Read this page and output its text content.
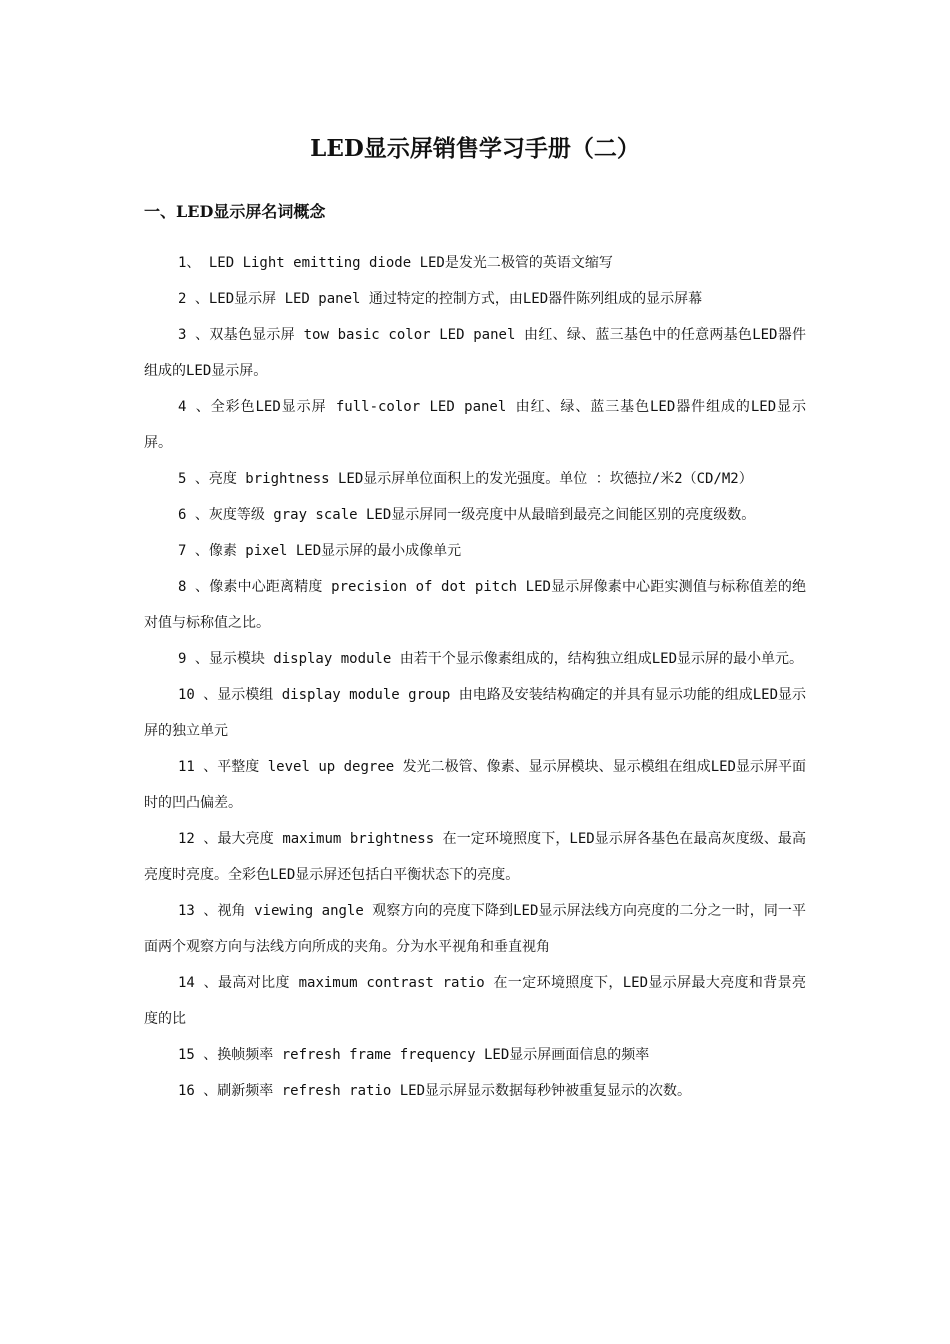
LED显示屏销售学习手册（二）
一、LED显示屏名词概念
1、 LED Light emitting diode LED是发光二极管的英语文缩写
2 、LED显示屏 LED panel 通过特定的控制方式，由LED器件陈列组成的显示屏幕
3 、双基色显示屏 tow basic color LED panel 由红、绿、蓝三基色中的任意两基色LED器件组成的LED显示屏。
4 、全彩色LED显示屏 full-color LED panel 由红、绿、蓝三基色LED器件组成的LED显示屏。
5 、亮度 brightness LED显示屏单位面积上的发光强度。单位 ：坎德拉/米2（CD/M2）
6 、灰度等级 gray scale LED显示屏同一级亮度中从最暗到最亮之间能区别的亮度级数。
7 、像素 pixel LED显示屏的最小成像单元
8 、像素中心距离精度 precision of dot pitch LED显示屏像素中心距实测值与标称值差的绝对值与标称值之比。
9 、显示模块 display module 由若干个显示像素组成的，结构独立组成LED显示屏的最小单元。
10 、显示模组 display module group 由电路及安装结构确定的并具有显示功能的组成LED显示屏的独立单元
11 、平整度 level up degree 发光二极管、像素、显示屏模块、显示模组在组成LED显示屏平面时的凹凸偏差。
12 、最大亮度 maximum brightness 在一定环境照度下，LED显示屏各基色在最高灰度级、最高亮度时亮度。全彩色LED显示屏还包括白平衡状态下的亮度。
13 、视角 viewing angle 观察方向的亮度下降到LED显示屏法线方向亮度的二分之一时，同一平面两个观察方向与法线方向所成的夹角。分为水平视角和垂直视角
14 、最高对比度 maximum contrast ratio 在一定环境照度下，LED显示屏最大亮度和背景亮度的比
15 、换帧频率 refresh frame frequency LED显示屏画面信息的频率
16 、刷新频率 refresh ratio LED显示屏显示数据每秒钟被重复显示的次数。
